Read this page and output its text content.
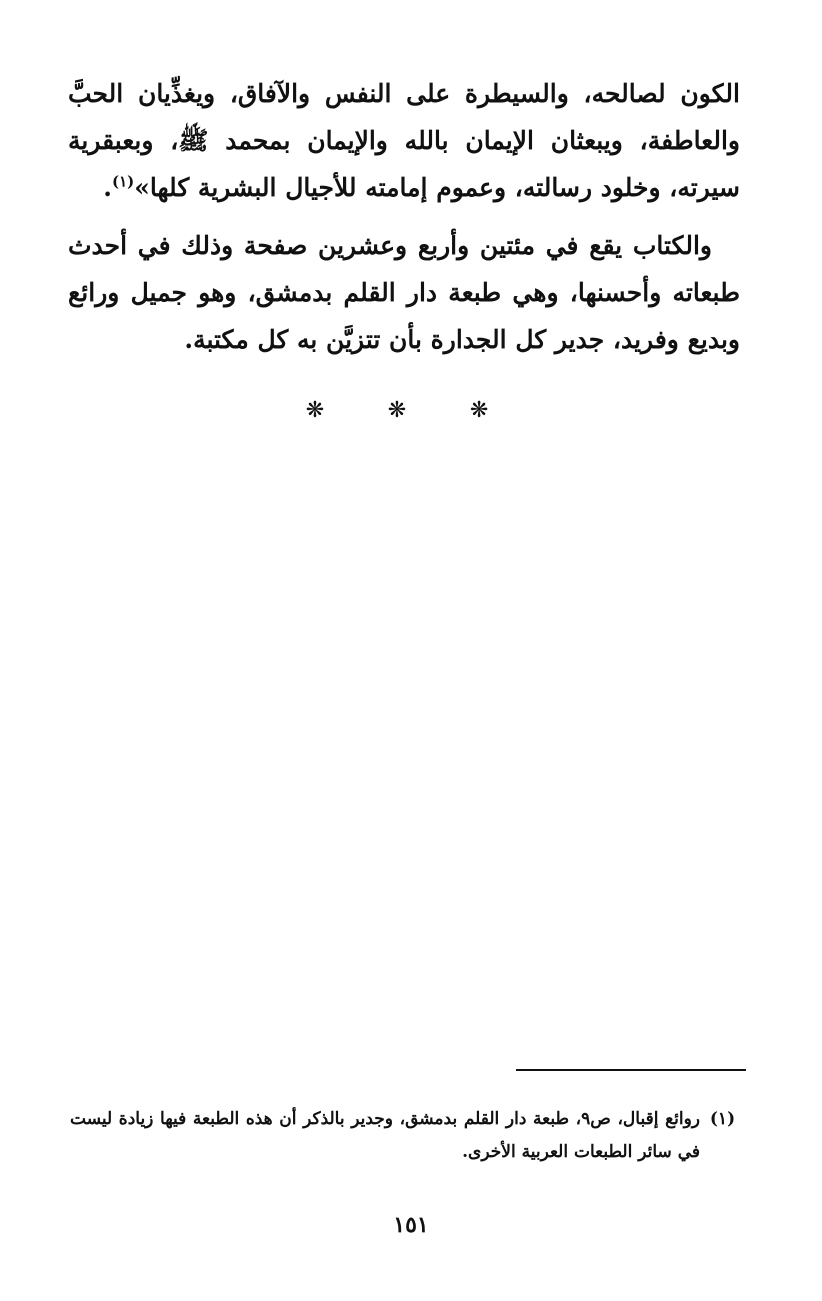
الكون لصالحه، والسيطرة على النفس والآفاق، ويغذِّيان الحبَّ والعاطفة، ويبعثان الإيمان بالله والإيمان بمحمد ﷺ، وبعبقرية سيرته، وخلود رسالته، وعموم إمامته للأجيال البشرية كلها»$^{(١)}$.

والكتاب يقع في مئتين وأربع وعشرين صفحة وذلك في أحدث طبعاته وأحسنها، وهي طبعة دار القلم بدمشق، وهو جميل ورائع وبديع وفريد، جدير كل الجدارة بأن تتزيَّن به كل مكتبة.

❋ ❋ ❋
(١)
روائع إقبال، ص٩، طبعة دار القلم بدمشق، وجدير بالذكر أن هذه الطبعة فيها زيادة ليست في سائر الطبعات العربية الأخرى.
١٥١
